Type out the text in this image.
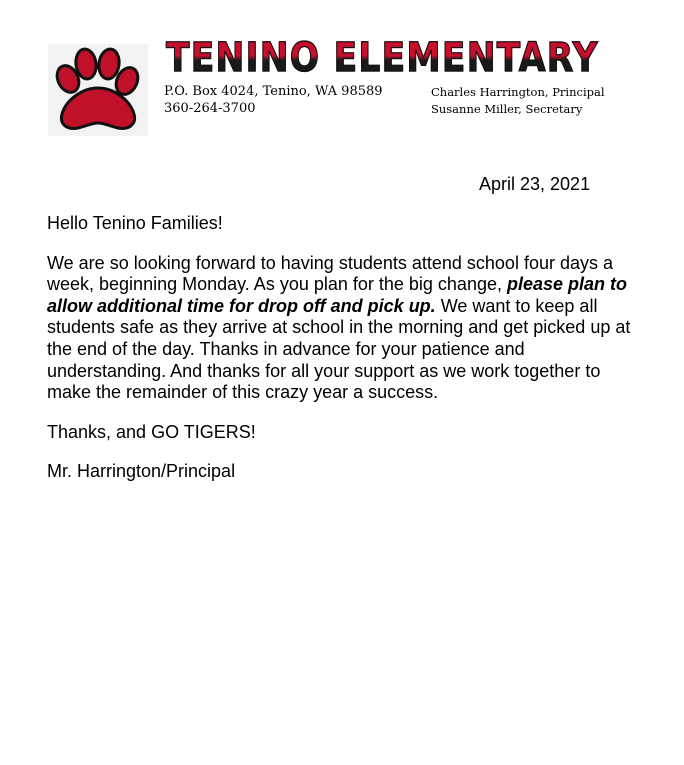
TENINO ELEMENTARY
P.O. Box 4024, Tenino, WA 98589
360-264-3700
Charles Harrington, Principal
Susanne Miller, Secretary
April 23, 2021

Hello Tenino Families!

We are so looking forward to having students attend school four days a week, beginning Monday. As you plan for the big change, please plan to allow additional time for drop off and pick up. We want to keep all students safe as they arrive at school in the morning and get picked up at the end of the day. Thanks in advance for your patience and understanding. And thanks for all your support as we work together to make the remainder of this crazy year a success.

Thanks, and GO TIGERS!

Mr. Harrington/Principal
